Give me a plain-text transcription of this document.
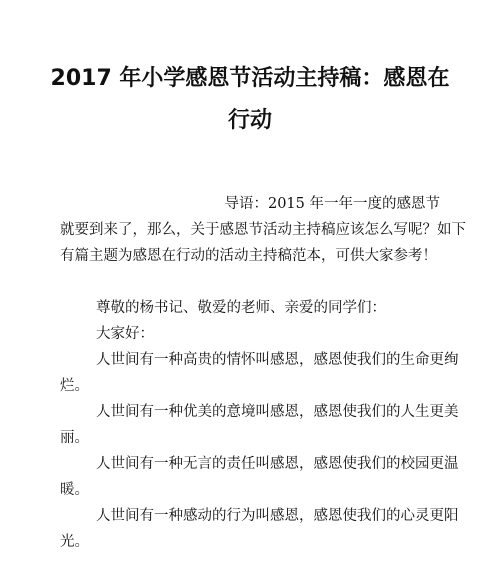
2017 年小学感恩节活动主持稿：感恩在
行动
导语：2015 年一年一度的感恩节
就要到来了，那么，关于感恩节活动主持稿应该怎么写呢？如下
有篇主题为感恩在行动的活动主持稿范本，可供大家参考！
尊敬的杨书记、敬爱的老师、亲爱的同学们：
大家好：
人世间有一种高贵的情怀叫感恩，感恩使我们的生命更绚
烂。
人世间有一种优美的意境叫感恩，感恩使我们的人生更美
丽。
人世间有一种无言的责任叫感恩，感恩使我们的校园更温
暖。
人世间有一种感动的行为叫感恩，感恩使我们的心灵更阳
光。
